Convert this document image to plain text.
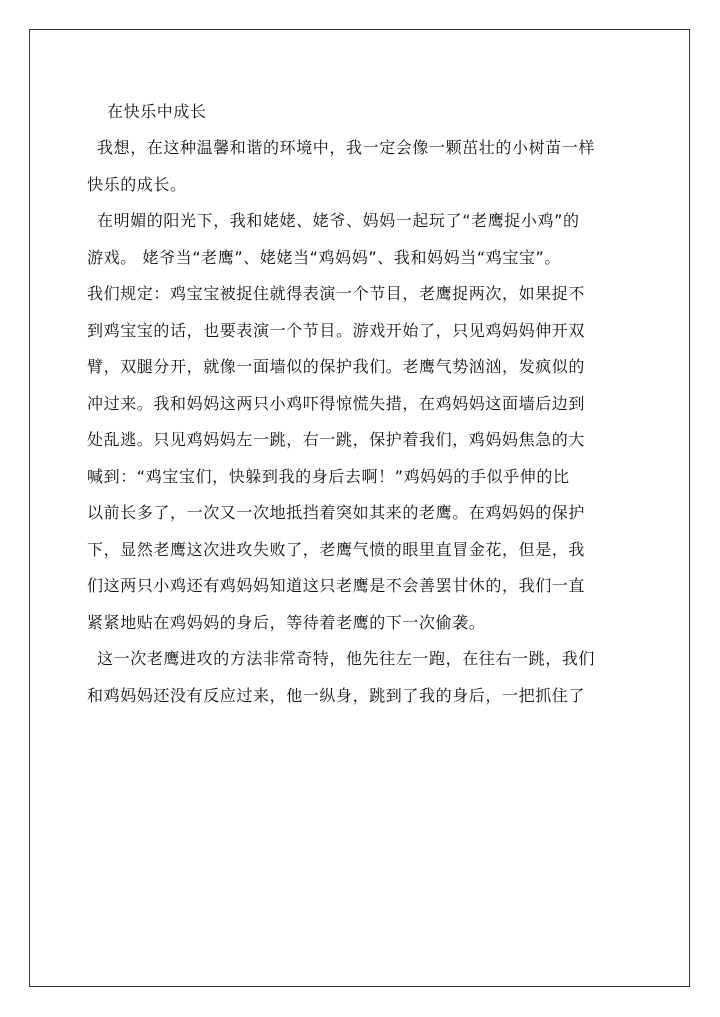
在快乐中成长
我想，在这种温馨和谐的环境中，我一定会像一颗茁壮的小树苗一样
快乐的成长。
在明媚的阳光下，我和姥姥、姥爷、妈妈一起玩了“老鹰捉小鸡”的
游戏。 姥爷当“老鹰”、姥姥当“鸡妈妈”、我和妈妈当“鸡宝宝”。
我们规定：鸡宝宝被捉住就得表演一个节目，老鹰捉两次，如果捉不
到鸡宝宝的话，也要表演一个节目。游戏开始了，只见鸡妈妈伸开双
臂，双腿分开，就像一面墙似的保护我们。老鹰气势汹汹，发疯似的
冲过来。我和妈妈这两只小鸡吓得惊慌失措，在鸡妈妈这面墙后边到
处乱逃。只见鸡妈妈左一跳，右一跳，保护着我们，鸡妈妈焦急的大
喊到：“鸡宝宝们，快躲到我的身后去啊！”鸡妈妈的手似乎伸的比
以前长多了，一次又一次地抵挡着突如其来的老鹰。在鸡妈妈的保护
下，显然老鹰这次进攻失败了，老鹰气愤的眼里直冒金花，但是，我
们这两只小鸡还有鸡妈妈知道这只老鹰是不会善罢甘休的，我们一直
紧紧地贴在鸡妈妈的身后，等待着老鹰的下一次偷袭。
这一次老鹰进攻的方法非常奇特，他先往左一跑，在往右一跳，我们
和鸡妈妈还没有反应过来，他一纵身，跳到了我的身后，一把抓住了
